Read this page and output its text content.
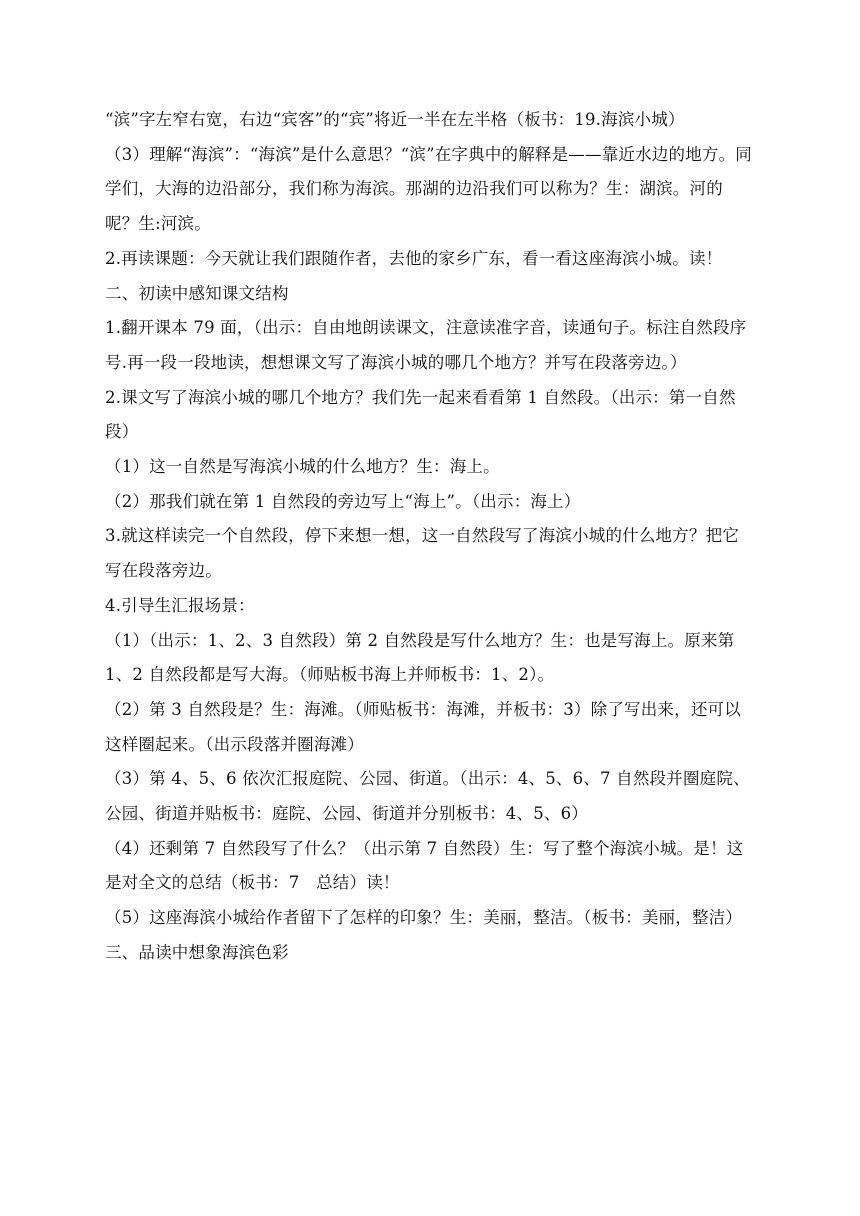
“滨”字左窄右宽，右边“宾客”的“宾”将近一半在左半格（板书：19.海滨小城）

（3）理解“海滨”：“海滨”是什么意思？“滨”在字典中的解释是——靠近水边的地方。同学们，大海的边沿部分，我们称为海滨。那湖的边沿我们可以称为？生：湖滨。河的呢？生:河滨。

2.再读课题：今天就让我们跟随作者，去他的家乡广东，看一看这座海滨小城。读！

二、初读中感知课文结构

1.翻开课本 79 面，（出示：自由地朗读课文，注意读准字音，读通句子。标注自然段序号.再一段一段地读，想想课文写了海滨小城的哪几个地方？并写在段落旁边。）

2.课文写了海滨小城的哪几个地方？我们先一起来看看第 1 自然段。（出示：第一自然段）

（1）这一自然是写海滨小城的什么地方？生：海上。

（2）那我们就在第 1 自然段的旁边写上“海上”。（出示：海上）

3.就这样读完一个自然段，停下来想一想，这一自然段写了海滨小城的什么地方？把它写在段落旁边。

4.引导生汇报场景：

（1）（出示：1、2、3 自然段）第 2 自然段是写什么地方？生：也是写海上。原来第 1、2 自然段都是写大海。（师贴板书海上并师板书：1、2）。

（2）第 3 自然段是？生：海滩。（师贴板书：海滩，并板书：3）除了写出来，还可以这样圈起来。（出示段落并圈海滩）

（3）第 4、5、6 依次汇报庭院、公园、街道。（出示：4、5、6、7 自然段并圈庭院、公园、街道并贴板书：庭院、公园、街道并分别板书：4、5、6）

（4）还剩第 7 自然段写了什么？（出示第 7 自然段）生：写了整个海滨小城。是！这是对全文的总结（板书：7　总结）读！

（5）这座海滨小城给作者留下了怎样的印象？生：美丽，整洁。（板书：美丽，整洁）

三、品读中想象海滨色彩
